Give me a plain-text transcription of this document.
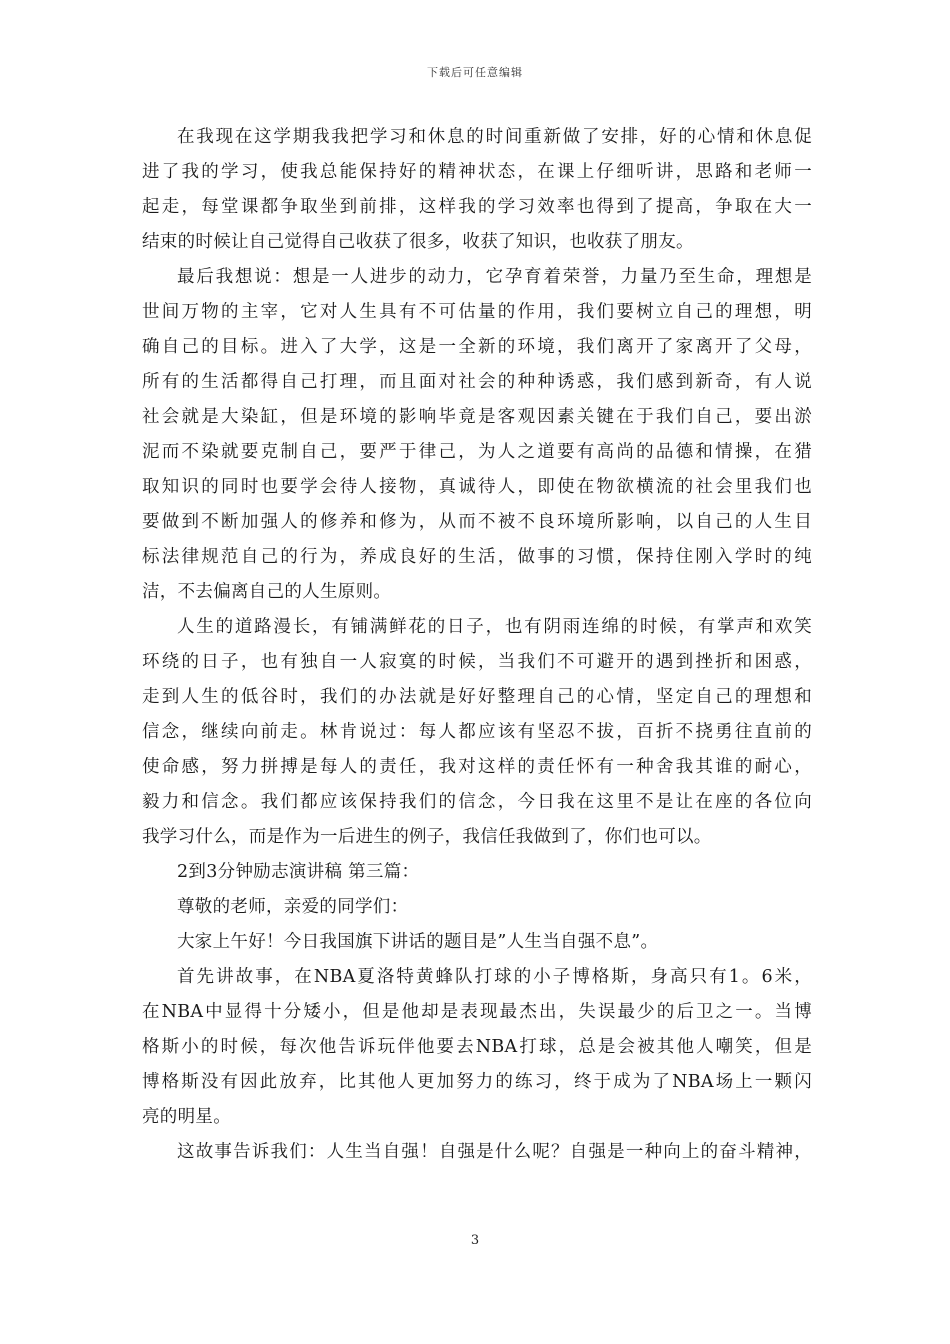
下载后可任意编辑
在我现在这学期我我把学习和休息的时间重新做了安排，好的心情和休息促
进了我的学习，使我总能保持好的精神状态，在课上仔细听讲，思路和老师一
起走，每堂课都争取坐到前排，这样我的学习效率也得到了提高，争取在大一
结束的时候让自己觉得自己收获了很多，收获了知识，也收获了朋友。
最后我想说：想是一人进步的动力，它孕育着荣誉，力量乃至生命，理想是
世间万物的主宰，它对人生具有不可估量的作用，我们要树立自己的理想，明
确自己的目标。进入了大学，这是一全新的环境，我们离开了家离开了父母，
所有的生活都得自己打理，而且面对社会的种种诱惑，我们感到新奇，有人说
社会就是大染缸，但是环境的影响毕竟是客观因素关键在于我们自己，要出淤
泥而不染就要克制自己，要严于律己，为人之道要有高尚的品德和情操，在猎
取知识的同时也要学会待人接物，真诚待人，即使在物欲横流的社会里我们也
要做到不断加强人的修养和修为，从而不被不良环境所影响，以自己的人生目
标法律规范自己的行为，养成良好的生活，做事的习惯，保持住刚入学时的纯
洁，不去偏离自己的人生原则。
人生的道路漫长，有铺满鲜花的日子，也有阴雨连绵的时候，有掌声和欢笑
环绕的日子，也有独自一人寂寞的时候，当我们不可避开的遇到挫折和困惑，
走到人生的低谷时，我们的办法就是好好整理自己的心情，坚定自己的理想和
信念，继续向前走。林肯说过：每人都应该有坚忍不拔，百折不挠勇往直前的
使命感，努力拼搏是每人的责任，我对这样的责任怀有一种舍我其谁的耐心，
毅力和信念。我们都应该保持我们的信念，今日我在这里不是让在座的各位向
我学习什么，而是作为一后进生的例子，我信任我做到了，你们也可以。
2到3分钟励志演讲稿 第三篇：
尊敬的老师，亲爱的同学们：
大家上午好！今日我国旗下讲话的题目是”人生当自强不息”。
首先讲故事，在NBA夏洛特黄蜂队打球的小子博格斯，身高只有1。6米，
在NBA中显得十分矮小，但是他却是表现最杰出，失误最少的后卫之一。当博
格斯小的时候，每次他告诉玩伴他要去NBA打球，总是会被其他人嘲笑，但是
博格斯没有因此放弃，比其他人更加努力的练习，终于成为了NBA场上一颗闪
亮的明星。
这故事告诉我们：人生当自强！自强是什么呢？自强是一种向上的奋斗精神，
3
